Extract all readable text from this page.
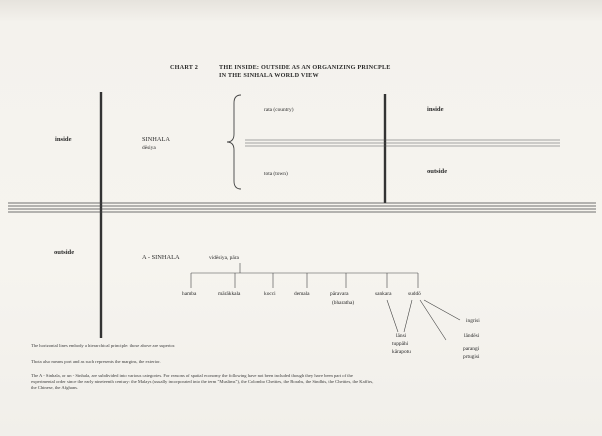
CHART 2	THE INSIDE: OUTSIDE AS AN ORGANIZING PRINCPLE
IN THE SINHALA WORLD VIEW
inside
inside
outside
outside
SINHALA
dēsiya
rata (country)
tota (town)
A - SINHALA	vidēsiya, pāra
hamba	mārākkala	kocci	demala	pāravara
(bharatha)
sankara	suddō
lānsi
tuppāhi
kārapotu
ingrisi
lāndēsi
parangi
prtugisi
The horizontal lines embody a hierarchical principle: those above are superior.
Thota also means port and as such represents the margins, the exterior.
The A - Sinhala, or un - Sinhala, are subdivided into various categories. For reasons of spatial economy the following have not been included though they have been part of the experimental order since the early nineteenth century: the Malays (usually incorporated into the term "Muslims"), the Colombo Chetties, the Borahs, the Sindhis, the Chetties, the Kaffirs, the Chinese, the Afghans.
